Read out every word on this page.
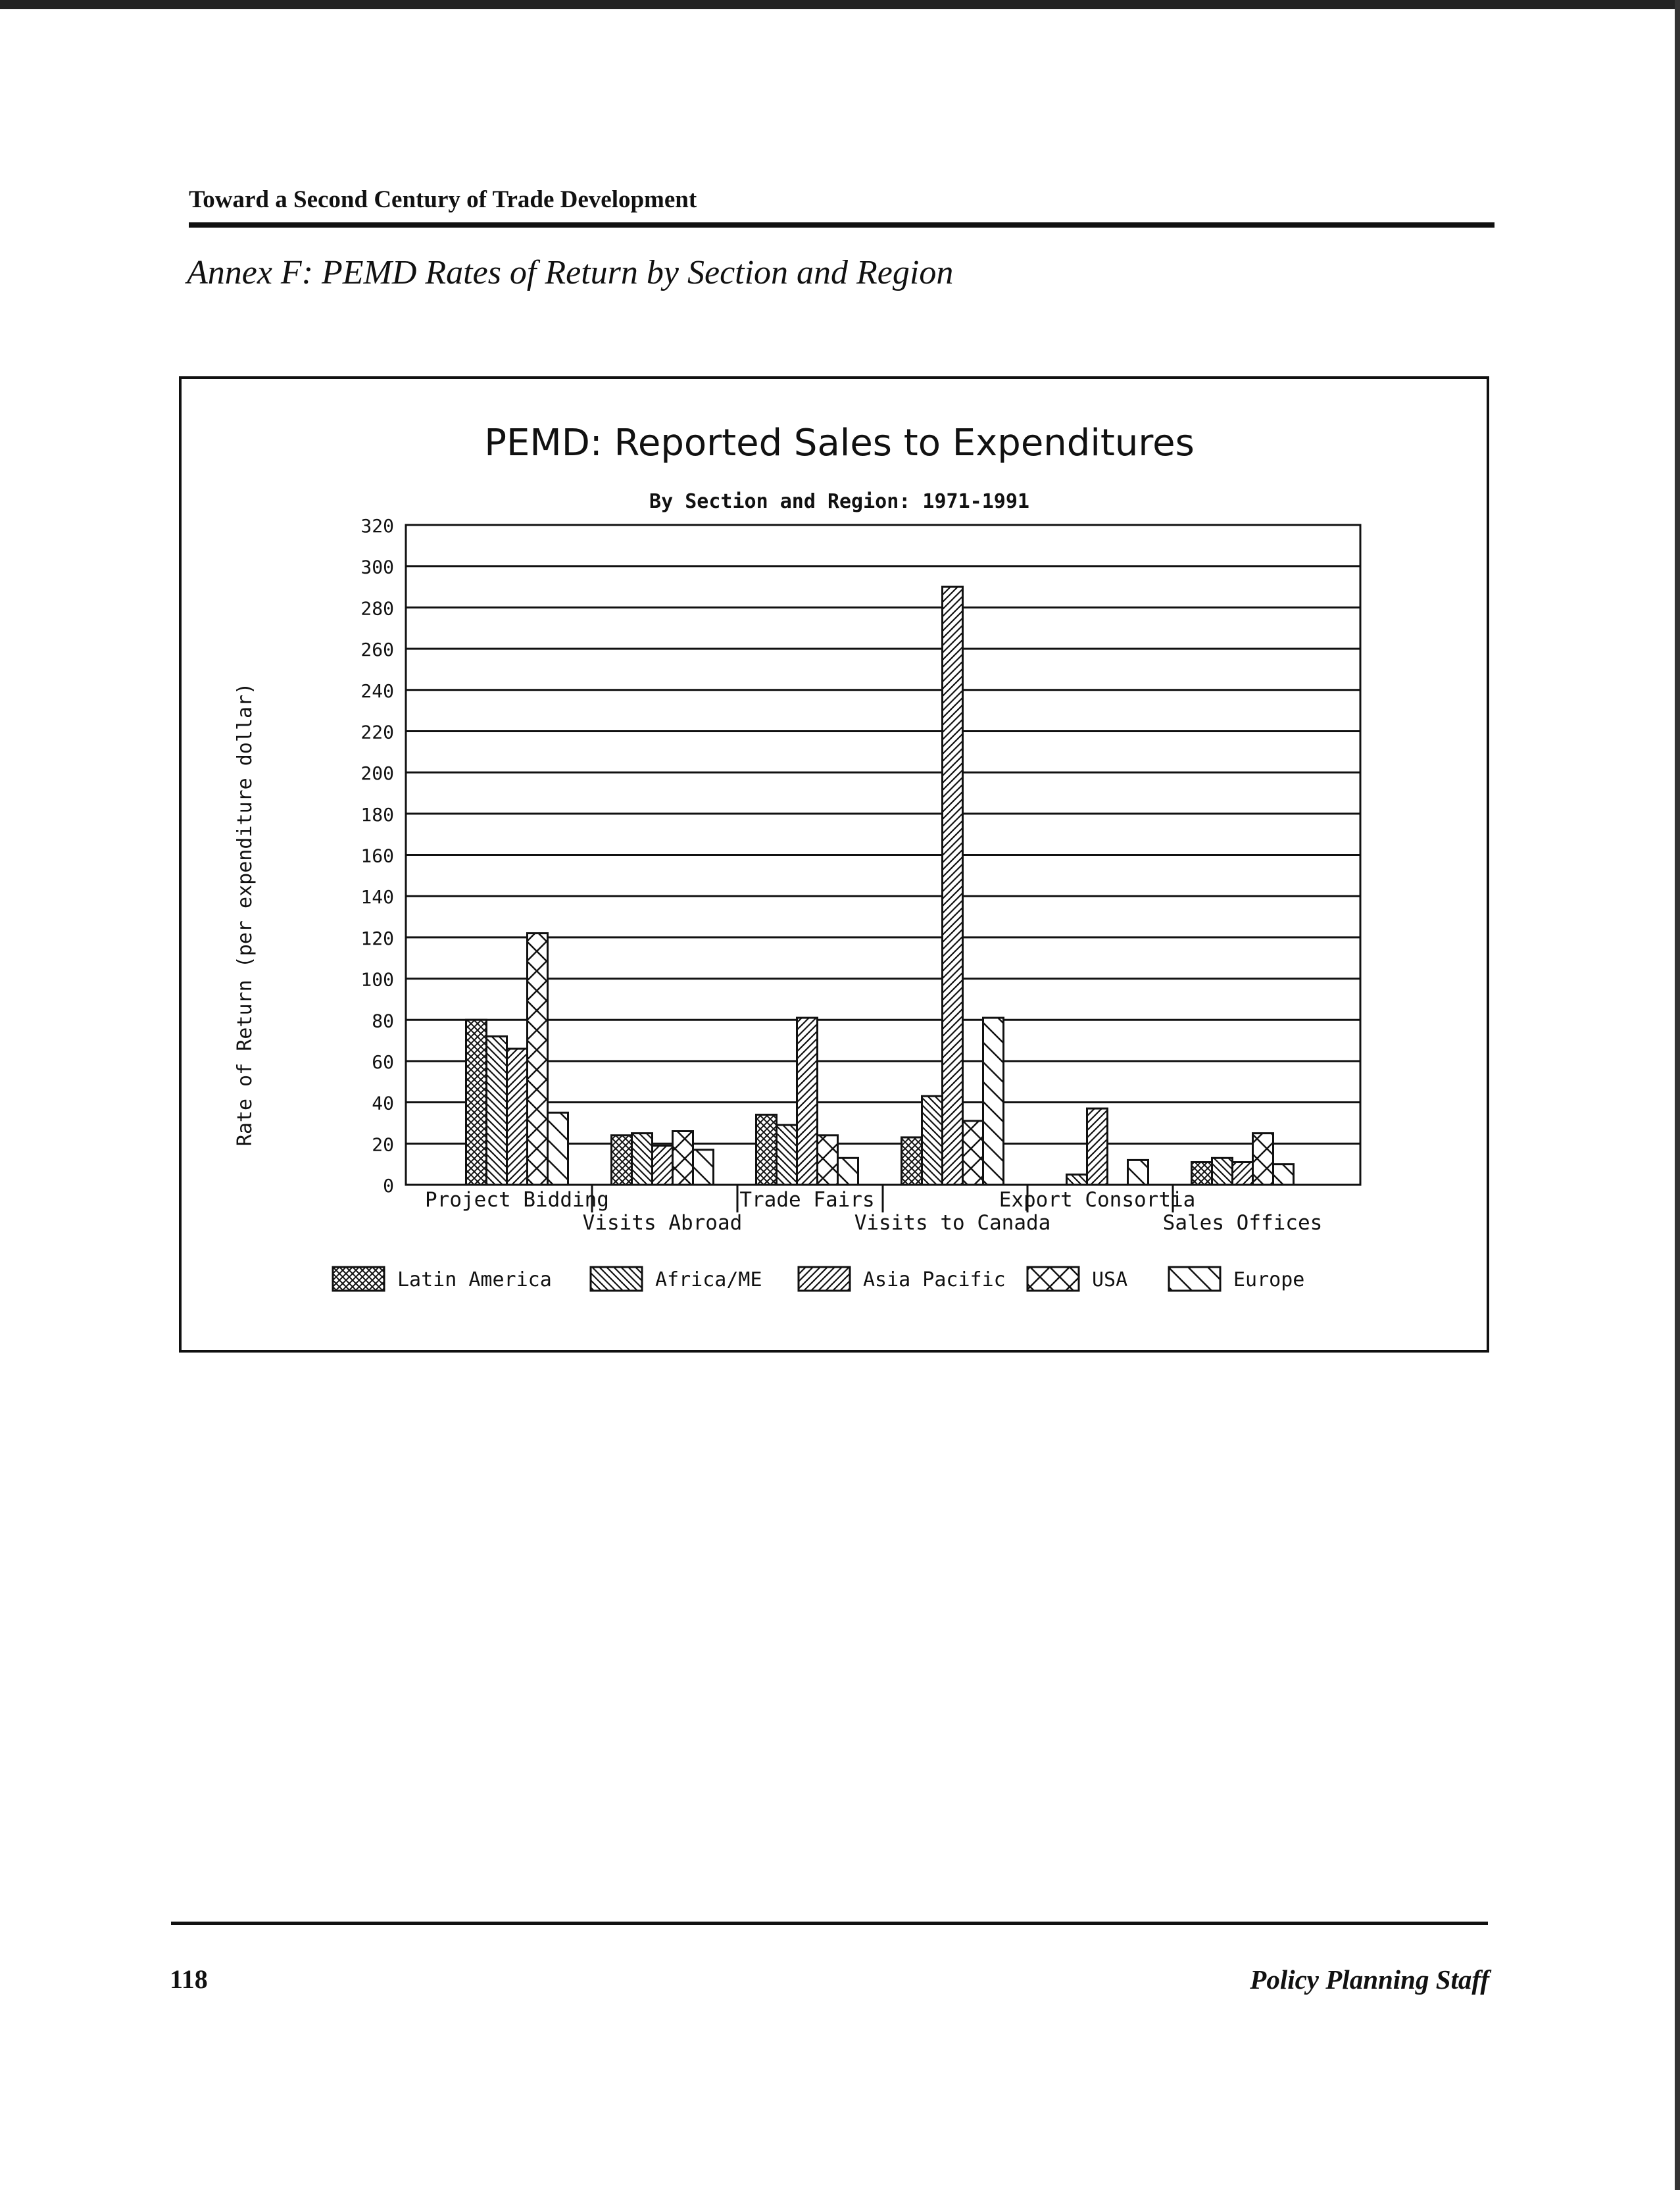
Toward a Second Century of Trade Development
Annex F: PEMD Rates of Return by Section and Region
PEMD: Reported Sales to Expenditures
By Section and Region: 1971-1991
Rate of Return (per expenditure dollar)
0
20
40
60
80
100
120
140
160
180
200
220
240
260
280
300
320
Project Bidding
Visits Abroad
Trade Fairs
Visits to Canada
Export Consortia
Sales Offices
Latin America	Africa/ME	Asia Pacific	USA	Europe
118	Policy Planning Staff
